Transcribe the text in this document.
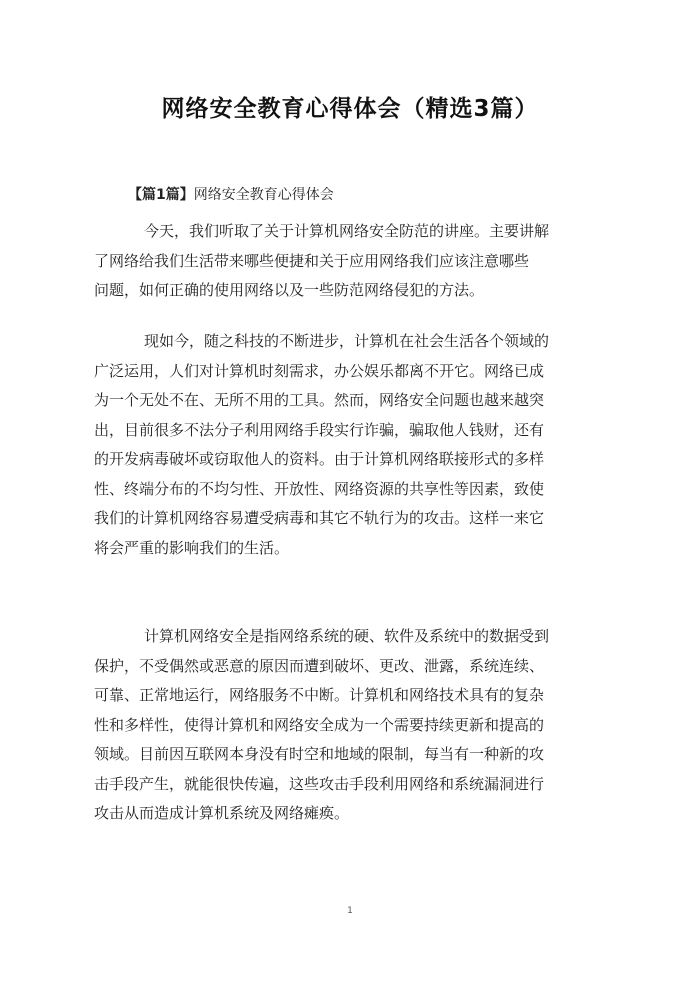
网络安全教育心得体会（精选3篇）
【篇1篇】网络安全教育心得体会
今天，我们听取了关于计算机网络安全防范的讲座。主要讲解
了网络给我们生活带来哪些便捷和关于应用网络我们应该注意哪些
问题，如何正确的使用网络以及一些防范网络侵犯的方法。
现如今，随之科技的不断进步，计算机在社会生活各个领域的
广泛运用，人们对计算机时刻需求，办公娱乐都离不开它。网络已成
为一个无处不在、无所不用的工具。然而，网络安全问题也越来越突
出，目前很多不法分子利用网络手段实行诈骗，骗取他人钱财，还有
的开发病毒破坏或窃取他人的资料。由于计算机网络联接形式的多样
性、终端分布的不均匀性、开放性、网络资源的共享性等因素，致使
我们的计算机网络容易遭受病毒和其它不轨行为的攻击。这样一来它
将会严重的影响我们的生活。
计算机网络安全是指网络系统的硬、软件及系统中的数据受到
保护，不受偶然或恶意的原因而遭到破坏、更改、泄露，系统连续、
可靠、正常地运行，网络服务不中断。计算机和网络技术具有的复杂
性和多样性，使得计算机和网络安全成为一个需要持续更新和提高的
领域。目前因互联网本身没有时空和地域的限制，每当有一种新的攻
击手段产生，就能很快传遍，这些攻击手段利用网络和系统漏洞进行
攻击从而造成计算机系统及网络瘫痪。
1
